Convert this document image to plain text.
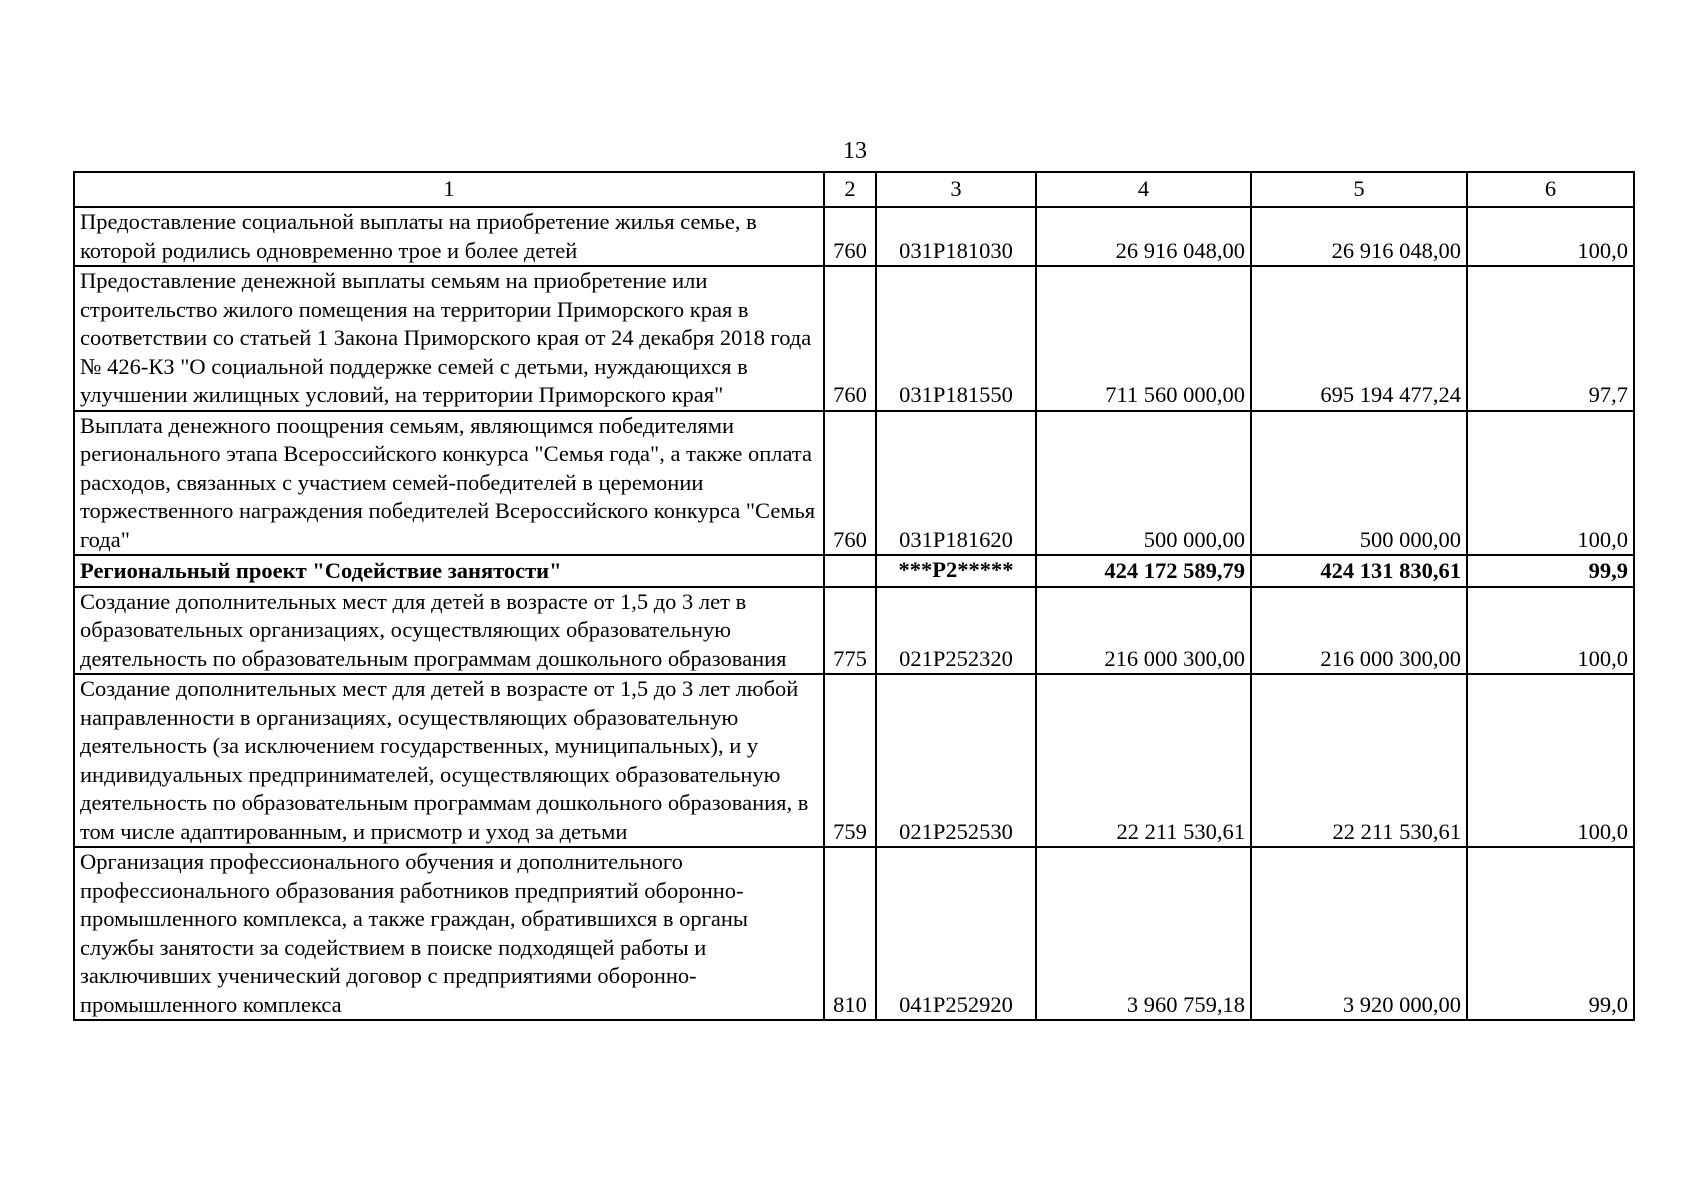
13
1	2	3	4	5	6
Предоставление социальной выплаты на приобретение жилья семье, в которой родились одновременно трое и более детей	760	031P181030	26 916 048,00	26 916 048,00	100,0
Предоставление денежной выплаты семьям на приобретение или строительство жилого помещения на территории Приморского края в соответствии со статьей 1 Закона Приморского края от 24 декабря 2018 года № 426-КЗ "О социальной поддержке семей с детьми, нуждающихся в улучшении жилищных условий, на территории Приморского края"	760	031P181550	711 560 000,00	695 194 477,24	97,7
Выплата денежного поощрения семьям, являющимся победителями регионального этапа Всероссийского конкурса "Семья года", а также оплата расходов, связанных с участием семей-победителей в церемонии торжественного награждения победителей Всероссийского конкурса "Семья года"	760	031P181620	500 000,00	500 000,00	100,0
Региональный проект "Содействие занятости"		***P2*****	424 172 589,79	424 131 830,61	99,9
Создание дополнительных мест для детей в возрасте от 1,5 до 3 лет в образовательных организациях, осуществляющих образовательную деятельность по образовательным программам дошкольного образования	775	021P252320	216 000 300,00	216 000 300,00	100,0
Создание дополнительных мест для детей в возрасте от 1,5 до 3 лет любой направленности в организациях, осуществляющих образовательную деятельность (за исключением государственных, муниципальных), и у индивидуальных предпринимателей, осуществляющих образовательную деятельность по образовательным программам дошкольного образования, в том числе адаптированным, и присмотр и уход за детьми	759	021P252530	22 211 530,61	22 211 530,61	100,0
Организация профессионального обучения и дополнительного профессионального образования работников предприятий оборонно-промышленного комплекса, а также граждан, обратившихся в органы службы занятости за содействием в поиске подходящей работы и заключивших ученический договор с предприятиями оборонно-промышленного комплекса	810	041P252920	3 960 759,18	3 920 000,00	99,0
